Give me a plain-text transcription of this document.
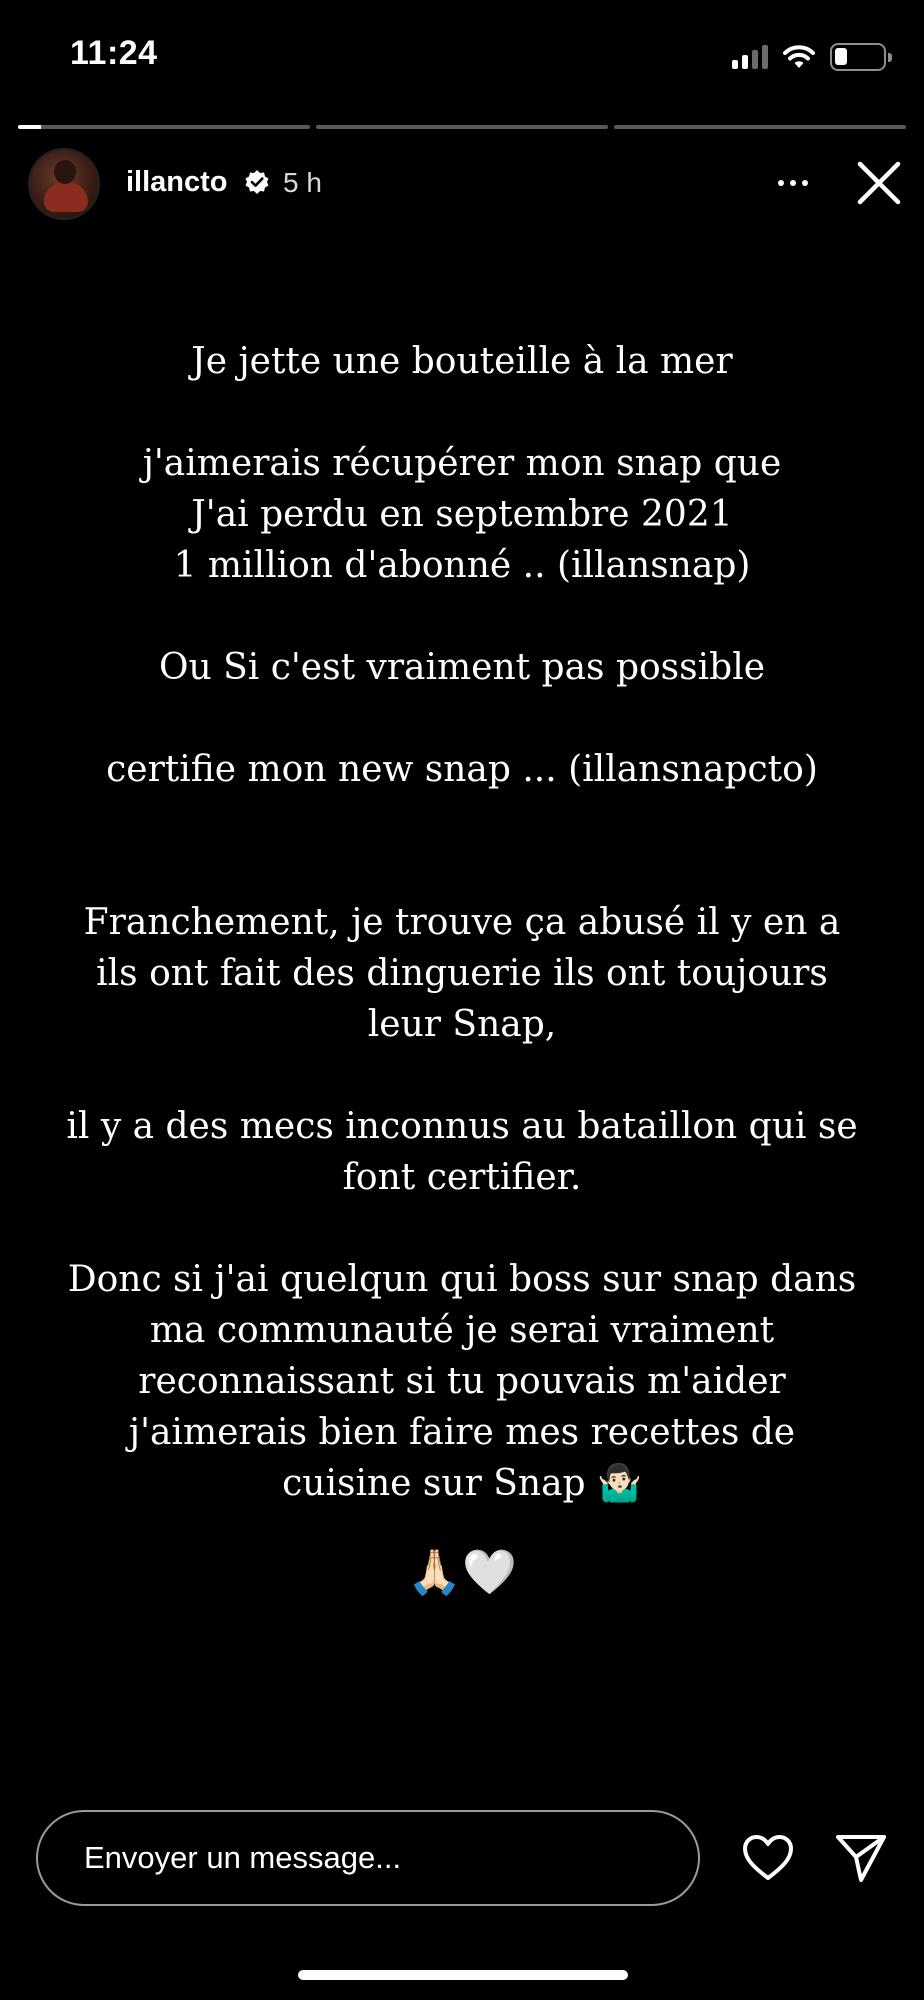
11:24
illancto 5 h

Je jette une bouteille à la mer

j'aimerais récupérer mon snap que
J'ai perdu en septembre 2021
1 million d'abonné .. (illansnap)

Ou Si c'est vraiment pas possible

certifie mon new snap ... (illansnapcto)

Franchement, je trouve ça abusé il y en a
ils ont fait des dinguerie ils ont toujours
leur Snap,

il y a des mecs inconnus au bataillon qui se
font certifier.

Donc si j'ai quelqun qui boss sur snap dans
ma communauté je serai vraiment
reconnaissant si tu pouvais m'aider
j'aimerais bien faire mes recettes de
cuisine sur Snap 🤷🏻‍♂️

🙏🏻🤍

Envoyer un message...
